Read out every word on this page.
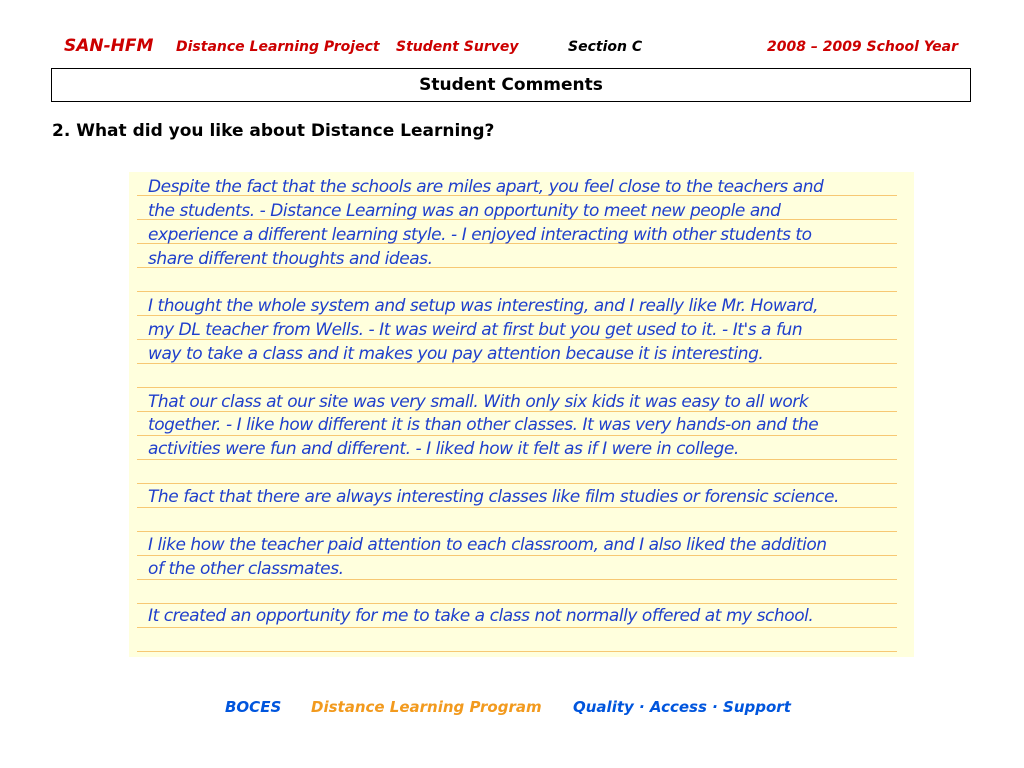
SAN-HFM Distance Learning Project Student Survey	Section C	2008 – 2009 School Year
Student Comments
2. What did you like about Distance Learning?

Despite the fact that the schools are miles apart, you feel close to the teachers and
the students. - Distance Learning was an opportunity to meet new people and
experience a different learning style. - I enjoyed interacting with other students to
share different thoughts and ideas.

I thought the whole system and setup was interesting, and I really like Mr. Howard,
my DL teacher from Wells. - It was weird at first but you get used to it. - It's a fun
way to take a class and it makes you pay attention because it is interesting.

That our class at our site was very small. With only six kids it was easy to all work
together. - I like how different it is than other classes. It was very hands-on and the
activities were fun and different. - I liked how it felt as if I were in college.

The fact that there are always interesting classes like film studies or forensic science.

I like how the teacher paid attention to each classroom, and I also liked the addition
of the other classmates.

It created an opportunity for me to take a class not normally offered at my school.

BOCES Distance Learning Program Quality · Access · Support
